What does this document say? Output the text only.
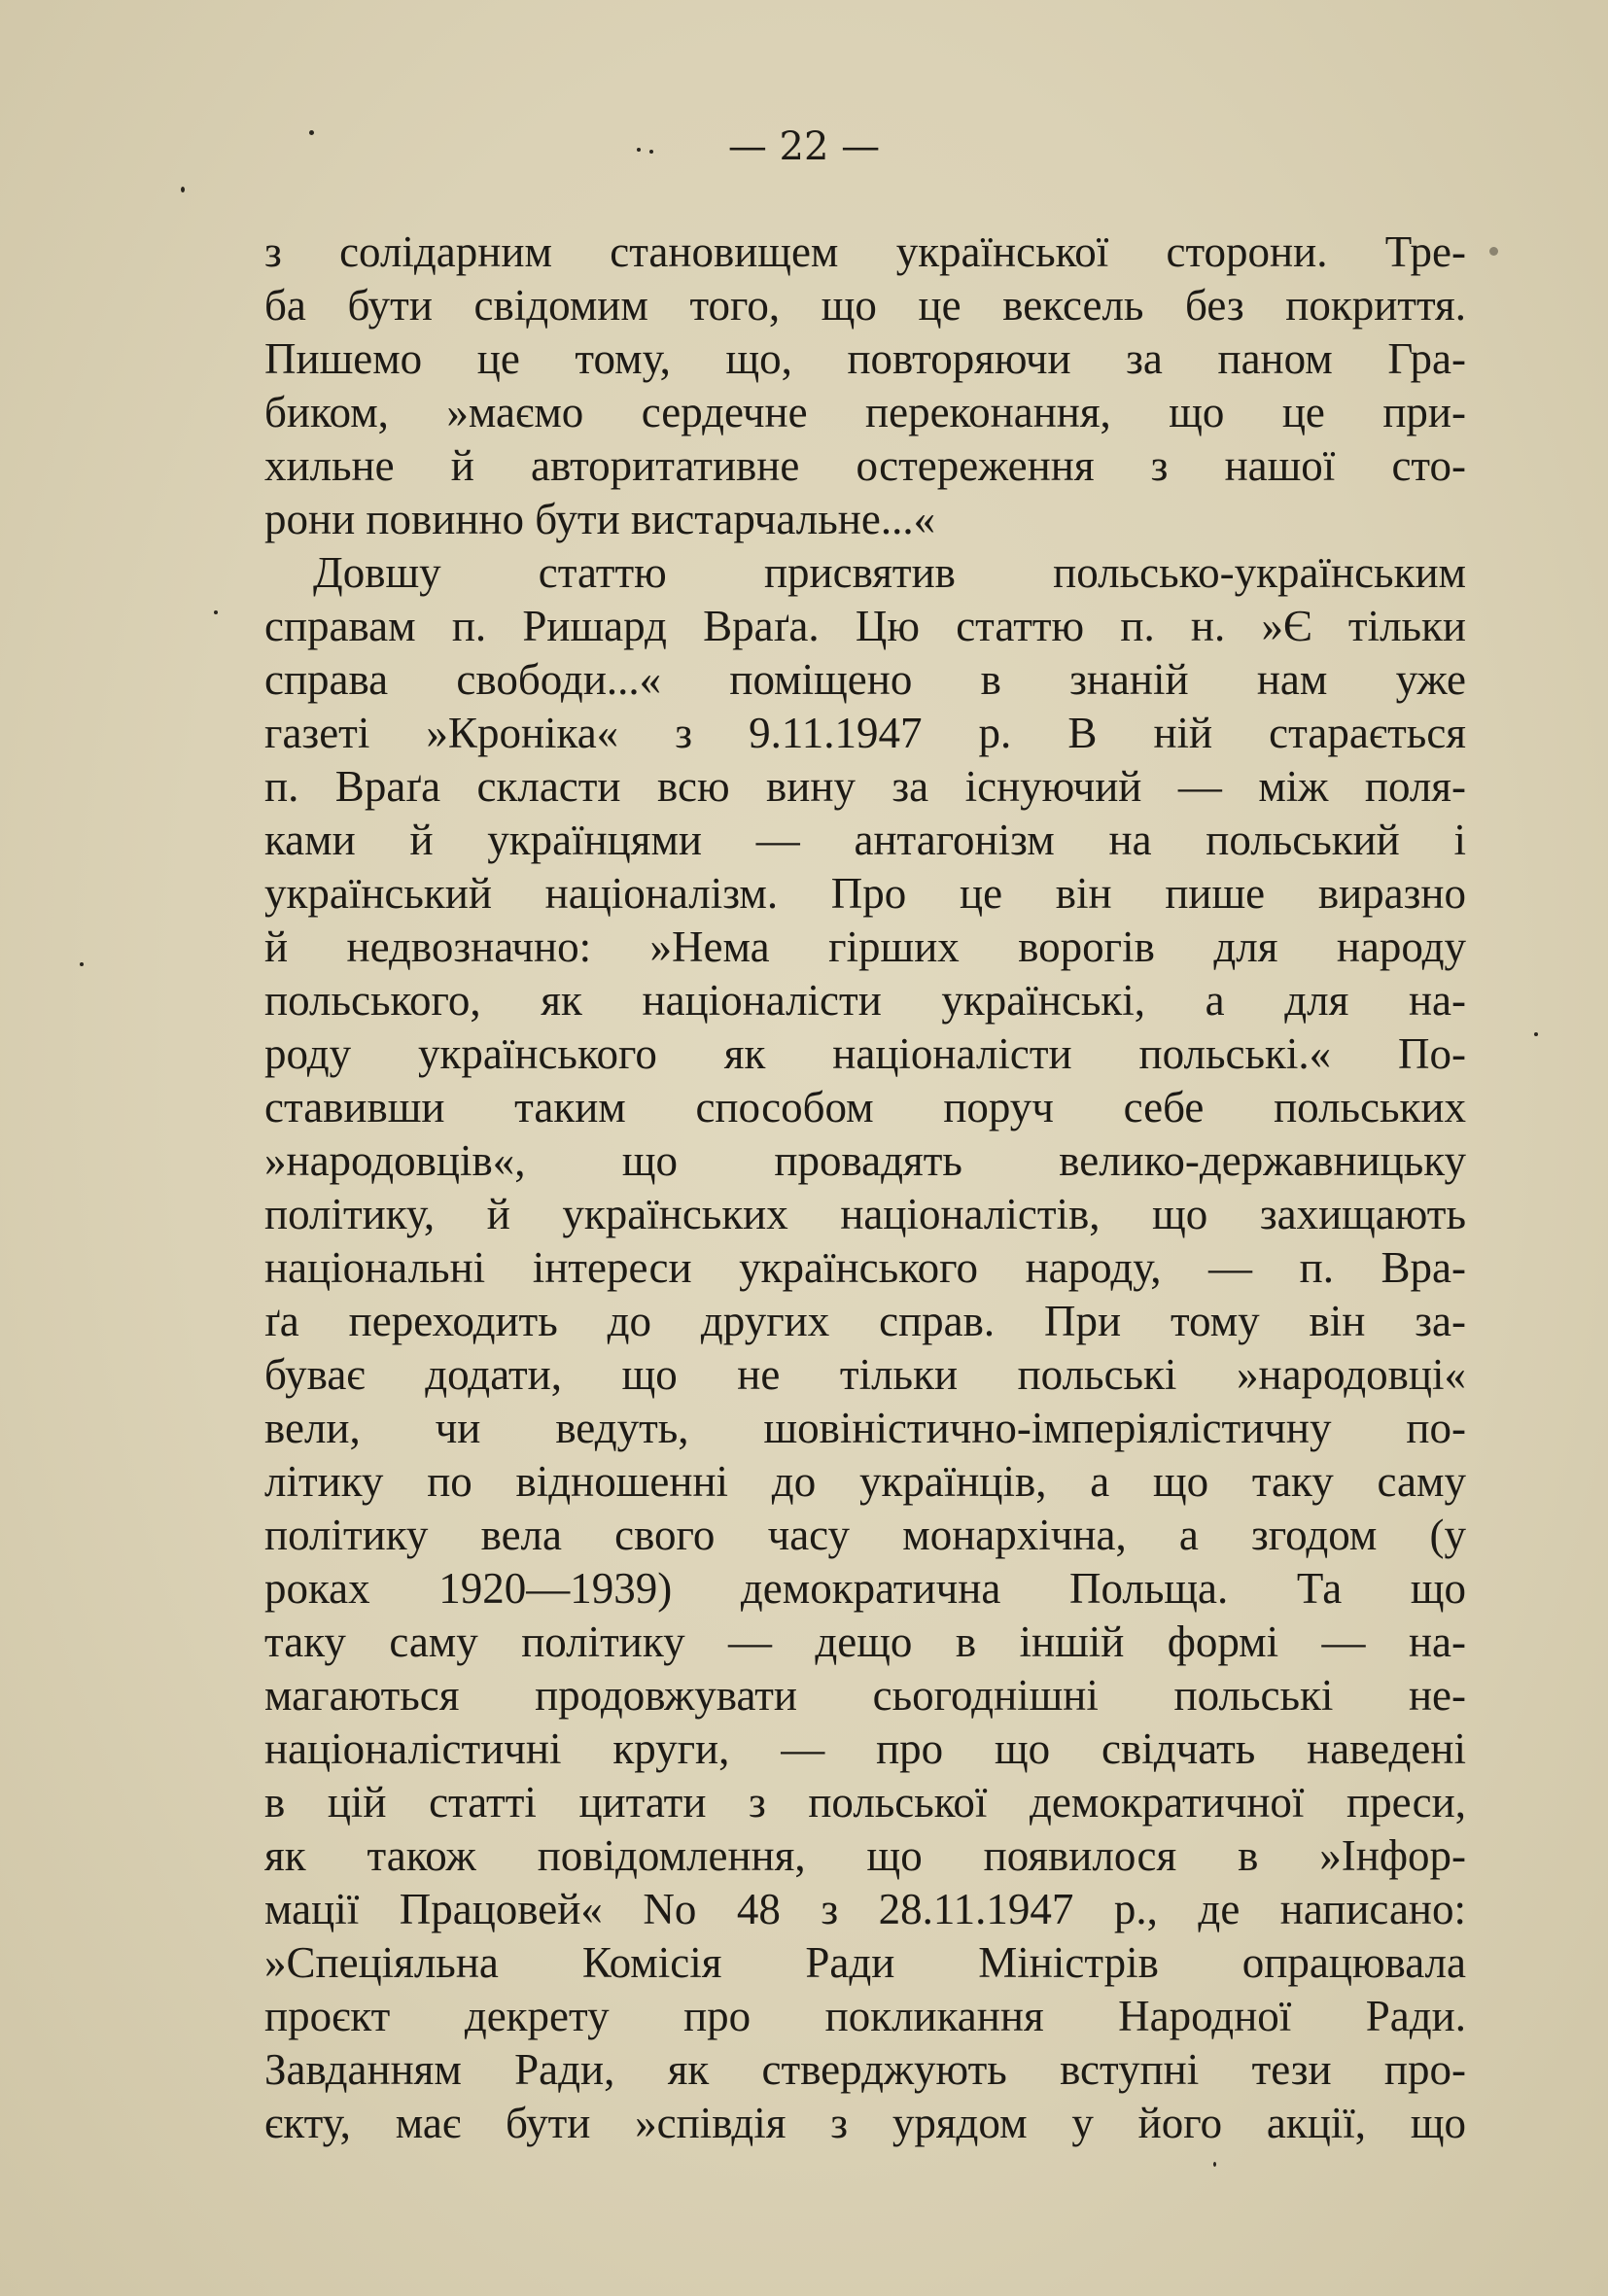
— 22 —
з солідарним становищем української сторони. Тре-
ба бути свідомим того, що це вексель без покриття.
Пишемо це тому, що, повторяючи за паном Гра-
биком, »маємо сердечне переконання, що це при-
хильне й авторитативне остереження з нашої сто-
рони повинно бути вистарчальне...«
Довшу статтю присвятив польсько-українським
справам п. Ришард Враґа. Цю статтю п. н. »Є тільки
справа свободи...« поміщено в знаній нам уже
газеті »Кроніка« з 9.11.1947 р. В ній старається
п. Враґа скласти всю вину за існуючий — між поля-
ками й українцями — антагонізм на польський і
український націоналізм. Про це він пише виразно
й недвозначно: »Нема гірших ворогів для народу
польського, як націоналісти українські, а для на-
роду українського як націоналісти польські.« По-
ставивши таким способом поруч себе польських
»народовців«, що провадять велико-державницьку
політику, й українських націоналістів, що захищають
національні інтереси українського народу, — п. Вра-
ґа переходить до других справ. При тому він за-
буває додати, що не тільки польські »народовці«
вели, чи ведуть, шовіністично-імперіялістичну по-
літику по відношенні до українців, а що таку саму
політику вела свого часу монархічна, а згодом (у
роках 1920—1939) демократична Польща. Та що
таку саму політику — дещо в іншій формі — на-
магаються продовжувати сьогоднішні польські не-
націоналістичні круги, — про що свідчать наведені
в цій статті цитати з польської демократичної преси,
як також повідомлення, що появилося в »Інфор-
мації Працовей« No 48 з 28.11.1947 р., де написано:
»Спеціяльна Комісія Ради Міністрів опрацювала
проєкт декрету про покликання Народної Ради.
Завданням Ради, як стверджують вступні тези про-
єкту, має бути »співдія з урядом у його акції, що
